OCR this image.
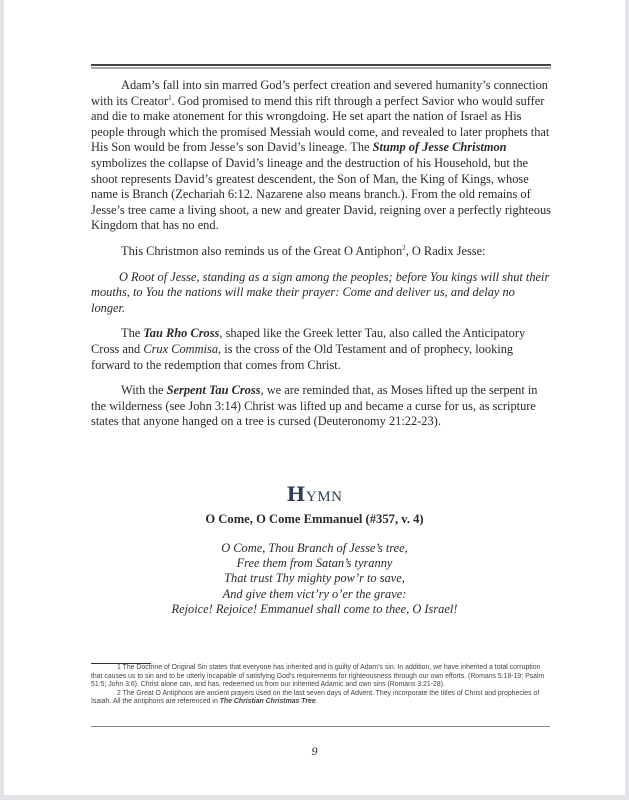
Adam’s fall into sin marred God’s perfect creation and severed humanity’s connection with its Creator$^1$. God promised to mend this rift through a perfect Savior who would suffer and die to make atonement for this wrongdoing. He set apart the nation of Israel as His people through which the promised Messiah would come, and revealed to later prophets that His Son would be from Jesse’s son David’s lineage. The Stump of Jesse Christmon symbolizes the collapse of David’s lineage and the destruction of his Household, but the shoot represents David’s greatest descendent, the Son of Man, the King of Kings, whose name is Branch (Zechariah 6:12. Nazarene also means branch.). From the old remains of Jesse’s tree came a living shoot, a new and greater David, reigning over a perfectly righteous Kingdom that has no end.

This Christmon also reminds us of the Great O Antiphon$^2$, O Radix Jesse:

O Root of Jesse, standing as a sign among the peoples; before You kings will shut their mouths, to You the nations will make their prayer: Come and deliver us, and delay no longer.

The Tau Rho Cross, shaped like the Greek letter Tau, also called the Anticipatory Cross and Crux Commisa, is the cross of the Old Testament and of prophecy, looking forward to the redemption that comes from Christ.

With the Serpent Tau Cross, we are reminded that, as Moses lifted up the serpent in the wilderness (see John 3:14) Christ was lifted up and became a curse for us, as scripture states that anyone hanged on a tree is cursed (Deuteronomy 21:22-23).

HYMN
O Come, O Come Emmanuel (#357, v. 4)
O Come, Thou Branch of Jesse’s tree,
Free them from Satan’s tyranny
That trust Thy mighty pow’r to save,
And give them vict’ry o’er the grave:
Rejoice! Rejoice! Emmanuel shall come to thee, O Israel!
1 The Doctrine of Original Sin states that everyone has inherited and is guilty of Adam’s sin. In addition, we have inherited a total corruption that causes us to sin and to be utterly incapable of satisfying God’s requirements for righteousness through our own efforts. (Romans 5:18-19; Psalm 51:5; John 3:6). Christ alone can, and has, redeemed us from our inherited Adamic and own sins (Romans 3:21-28).
2 The Great O Antiphons are ancient prayers used on the last seven days of Advent. They incorporate the titles of Christ and prophecies of Isaiah. All the antiphons are referenced in The Christian Christmas Tree.
9
